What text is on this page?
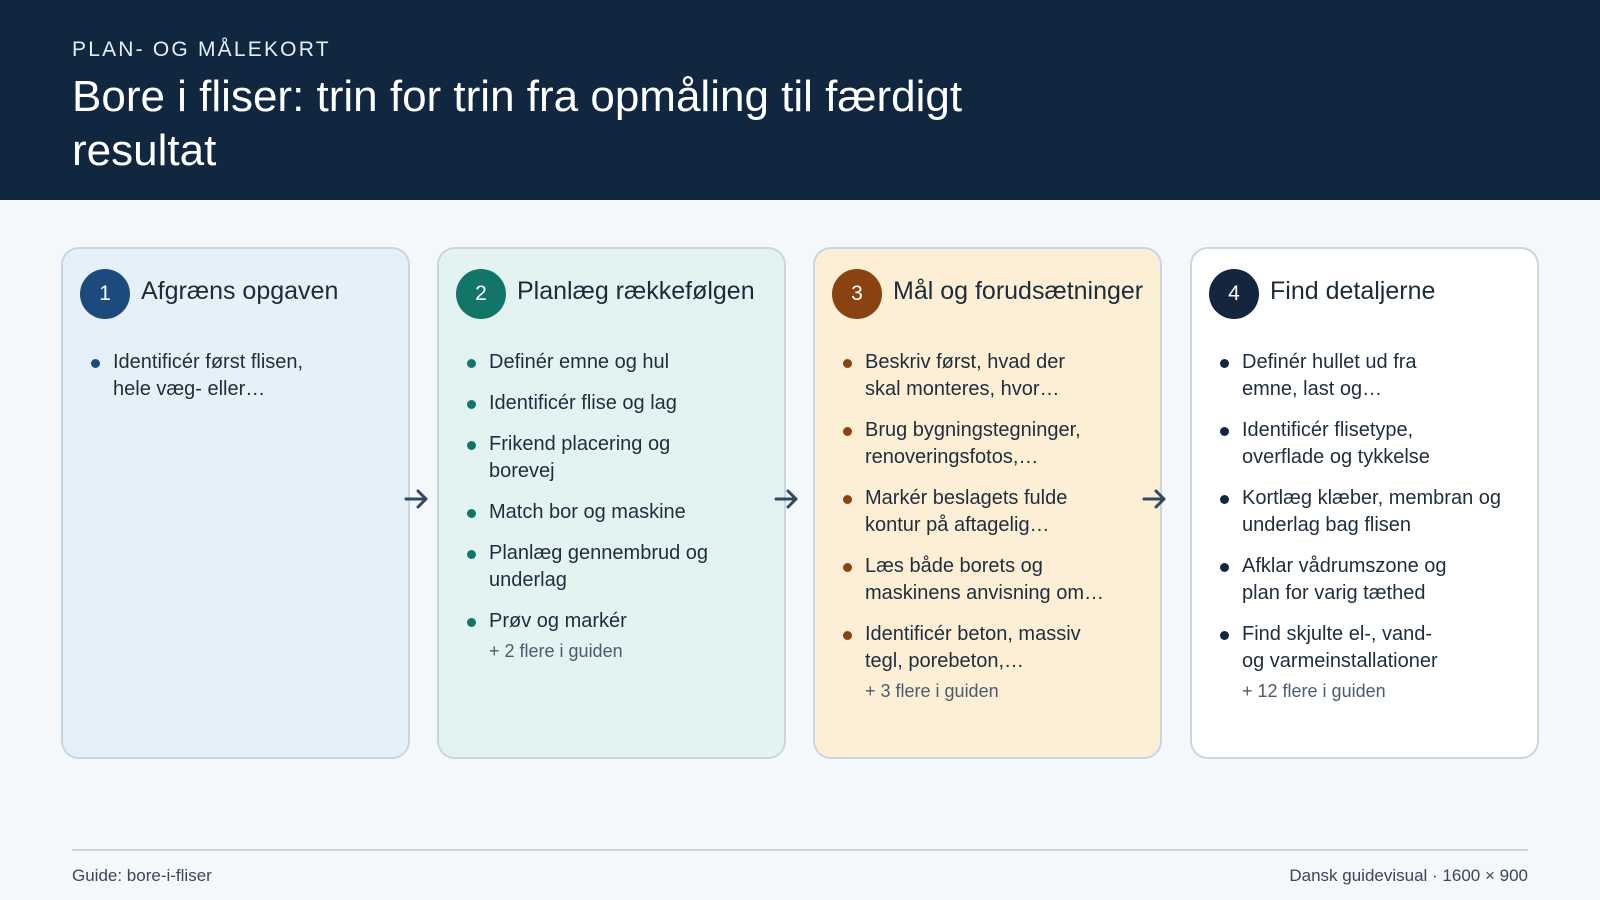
PLAN- OG MÅLEKORT
Bore i fliser: trin for trin fra opmåling til færdigt resultat
1	Afgræns opgaven
Identificér først flisen, hele væg- eller…
2	Planlæg rækkefølgen
Definér emne og hul
Identificér flise og lag
Frikend placering og borevej
Match bor og maskine
Planlæg gennembrud og underlag
Prøv og markér
+ 2 flere i guiden
3	Mål og forudsætninger
Beskriv først, hvad der skal monteres, hvor…
Brug bygningstegninger, renoveringsfotos,…
Markér beslagets fulde kontur på aftagelig…
Læs både borets og maskinens anvisning om…
Identificér beton, massiv tegl, porebeton,…
+ 3 flere i guiden
4	Find detaljerne
Definér hullet ud fra emne, last og…
Identificér flisetype, overflade og tykkelse
Kortlæg klæber, membran og underlag bag flisen
Afklar vådrumszone og plan for varig tæthed
Find skjulte el-, vand- og varmeinstallationer
+ 12 flere i guiden
Guide: bore-i-fliser	Dansk guidevisual · 1600 × 900
